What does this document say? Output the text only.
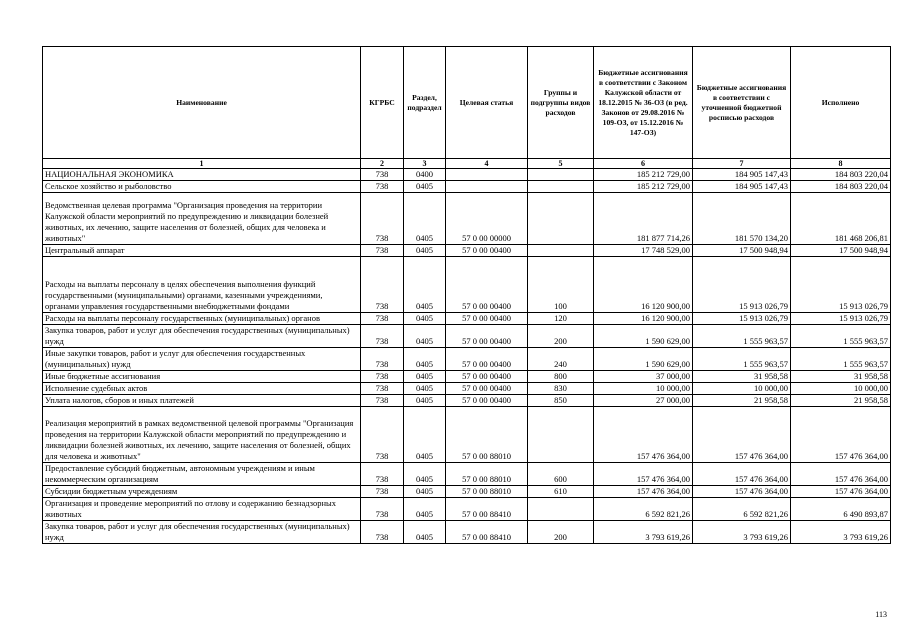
Наименование	КГРБС	Раздел, подраздел	Целевая статья	Группы и подгруппы видов расходов	Бюджетные ассигнования в соответствии с Законом Калужской области от 18.12.2015 № 36-ОЗ (в ред. Законов от 29.08.2016 № 109-ОЗ, от 15.12.2016 № 147-ОЗ)	Бюджетные ассигнования в соответствии с уточненной бюджетной росписью расходов	Исполнено
1	2	3	4	5	6	7	8
НАЦИОНАЛЬНАЯ ЭКОНОМИКА	738	0400			185 212 729,00	184 905 147,43	184 803 220,04
Сельское хозяйство и рыболовство	738	0405			185 212 729,00	184 905 147,43	184 803 220,04
Ведомственная целевая программа "Организация проведения на территории Калужской области мероприятий по предупреждению и ликвидации болезней животных, их лечению, защите населения от болезней, общих для человека и животных"	738	0405	57 0 00 00000		181 877 714,26	181 570 134,20	181 468 206,81
Центральный аппарат	738	0405	57 0 00 00400		17 748 529,00	17 500 948,94	17 500 948,94
Расходы на выплаты персоналу в целях обеспечения выполнения функций государственными (муниципальными) органами, казенными учреждениями, органами управления государственными внебюджетными фондами	738	0405	57 0 00 00400	100	16 120 900,00	15 913 026,79	15 913 026,79
Расходы на выплаты персоналу государственных (муниципальных) органов	738	0405	57 0 00 00400	120	16 120 900,00	15 913 026,79	15 913 026,79
Закупка товаров, работ и услуг для обеспечения государственных (муниципальных) нужд	738	0405	57 0 00 00400	200	1 590 629,00	1 555 963,57	1 555 963,57
Иные закупки товаров, работ и услуг для обеспечения государственных (муниципальных) нужд	738	0405	57 0 00 00400	240	1 590 629,00	1 555 963,57	1 555 963,57
Иные бюджетные ассигнования	738	0405	57 0 00 00400	800	37 000,00	31 958,58	31 958,58
Исполнение судебных актов	738	0405	57 0 00 00400	830	10 000,00	10 000,00	10 000,00
Уплата налогов, сборов и иных платежей	738	0405	57 0 00 00400	850	27 000,00	21 958,58	21 958,58
Реализация мероприятий в рамках ведомственной целевой программы "Организация проведения на территории Калужской области мероприятий по предупреждению и ликвидации болезней животных, их лечению, защите населения от болезней, общих для человека и животных"	738	0405	57 0 00 88010		157 476 364,00	157 476 364,00	157 476 364,00
Предоставление субсидий бюджетным, автономным учреждениям и иным некоммерческим организациям	738	0405	57 0 00 88010	600	157 476 364,00	157 476 364,00	157 476 364,00
Субсидии бюджетным учреждениям	738	0405	57 0 00 88010	610	157 476 364,00	157 476 364,00	157 476 364,00
Организация и проведение мероприятий по отлову и содержанию безнадзорных животных	738	0405	57 0 00 88410		6 592 821,26	6 592 821,26	6 490 893,87
Закупка товаров, работ и услуг для обеспечения государственных (муниципальных) нужд	738	0405	57 0 00 88410	200	3 793 619,26	3 793 619,26	3 793 619,26
113
